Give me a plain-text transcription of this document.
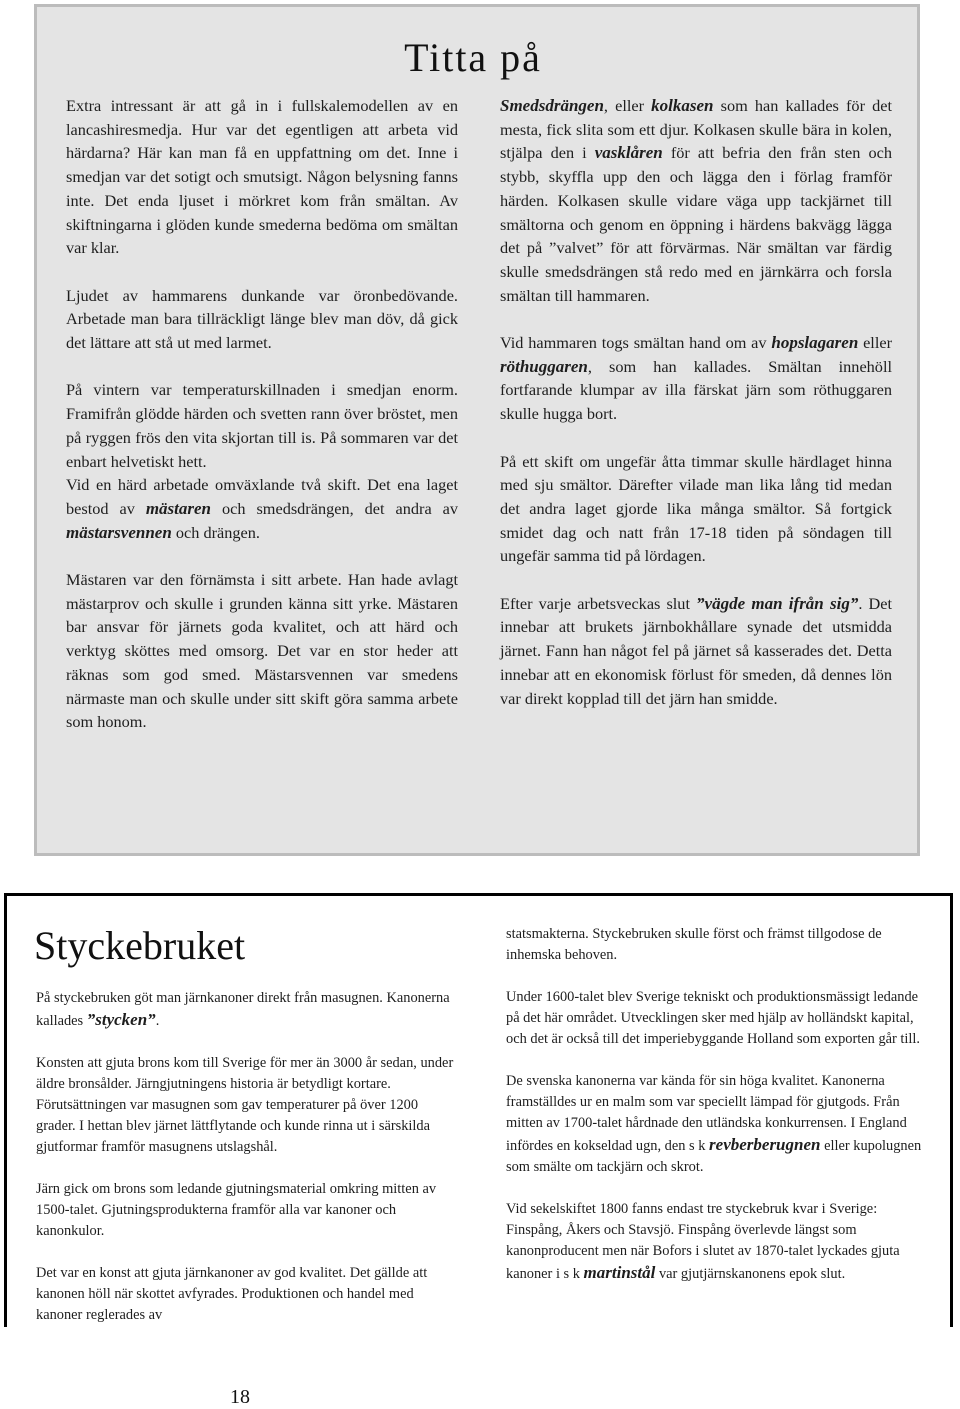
Titta på

Extra intressant är att gå in i fullskalemodellen av en lancashiresmedja. Hur var det egentligen att arbeta vid härdarna? Här kan man få en uppfattning om det. Inne i smedjan var det sotigt och smutsigt. Någon belysning fanns inte. Det enda ljuset i mörkret kom från smältan. Av skiftningarna i glöden kunde smederna bedöma om smältan var klar.

Ljudet av hammarens dunkande var öronbedövande. Arbetade man bara tillräckligt länge blev man döv, då gick det lättare att stå ut med larmet.

På vintern var temperaturskillnaden i smedjan enorm. Framifrån glödde härden och svetten rann över bröstet, men på ryggen frös den vita skjortan till is. På sommaren var det enbart helvetiskt hett.

Vid en härd arbetade omväxlande två skift. Det ena laget bestod av mästaren och smedsdrängen, det andra av mästarsvennen och drängen.

Mästaren var den förnämsta i sitt arbete. Han hade avlagt mästarprov och skulle i grunden känna sitt yrke. Mästaren bar ansvar för järnets goda kvalitet, och att härd och verktyg sköttes med omsorg. Det var en stor heder att räknas som god smed. Mästarsvennen var smedens närmaste man och skulle under sitt skift göra samma arbete som honom.

Smedsdrängen, eller kolkasen som han kallades för det mesta, fick slita som ett djur. Kolkasen skulle bära in kolen, stjälpa den i vasklåren för att befria den från sten och stybb, skyffla upp den och lägga den i förlag framför härden. Kolkasen skulle vidare väga upp tackjärnet till smältorna och genom en öppning i härdens bakvägg lägga det på ”valvet” för att förvärmas. När smältan var färdig skulle smedsdrängen stå redo med en järnkärra och forsla smältan till hammaren.

Vid hammaren togs smältan hand om av hopslagaren eller röthuggaren, som han kallades. Smältan innehöll fortfarande klumpar av illa färskat järn som röthuggaren skulle hugga bort.

På ett skift om ungefär åtta timmar skulle härdlaget hinna med sju smältor. Därefter vilade man lika lång tid medan det andra laget gjorde lika många smältor. Så fortgick smidet dag och natt från 17-18 tiden på söndagen till ungefär samma tid på lördagen.

Efter varje arbetsveckas slut ”vägde man ifrån sig”. Det innebar att brukets järnbokhållare synade det utsmidda järnet. Fann han något fel på järnet så kasserades det. Detta innebar att en ekonomisk förlust för smeden, då dennes lön var direkt kopplad till det järn han smidde.

Styckebruket

På styckebruken göt man järnkanoner direkt från masugnen. Kanonerna kallades ”stycken”.

Konsten att gjuta brons kom till Sverige för mer än 3000 år sedan, under äldre bronsålder. Järngjutningens historia är betydligt kortare. Förutsättningen var masugnen som gav temperaturer på över 1200 grader. I hettan blev järnet lättflytande och kunde rinna ut i särskilda gjutformar framför masugnens utslagshål.

Järn gick om brons som ledande gjutningsmaterial omkring mitten av 1500-talet. Gjutningsprodukterna framför alla var kanoner och kanonkulor.

Det var en konst att gjuta järnkanoner av god kvalitet. Det gällde att kanonen höll när skottet avfyrades. Produktionen och handel med kanoner reglerades av

statsmakterna. Styckebruken skulle först och främst tillgodose de inhemska behoven.

Under 1600-talet blev Sverige tekniskt och produktionsmässigt ledande på det här området. Utvecklingen sker med hjälp av holländskt kapital, och det är också till det imperiebyggande Holland som exporten går till.

De svenska kanonerna var kända för sin höga kvalitet. Kanonerna framställdes ur en malm som var speciellt lämpad för gjutgods. Från mitten av 1700-talet hårdnade den utländska konkurrensen. I England infördes en kokseldad ugn, den s k revberberugnen eller kupolugnen som smälte om tackjärn och skrot.

Vid sekelskiftet 1800 fanns endast tre styckebruk kvar i Sverige: Finspång, Åkers och Stavsjö. Finspång överlevde längst som kanonproducent men när Bofors i slutet av 1870-talet lyckades gjuta kanoner i s k martinstål var gjutjärnskanonens epok slut.

18
